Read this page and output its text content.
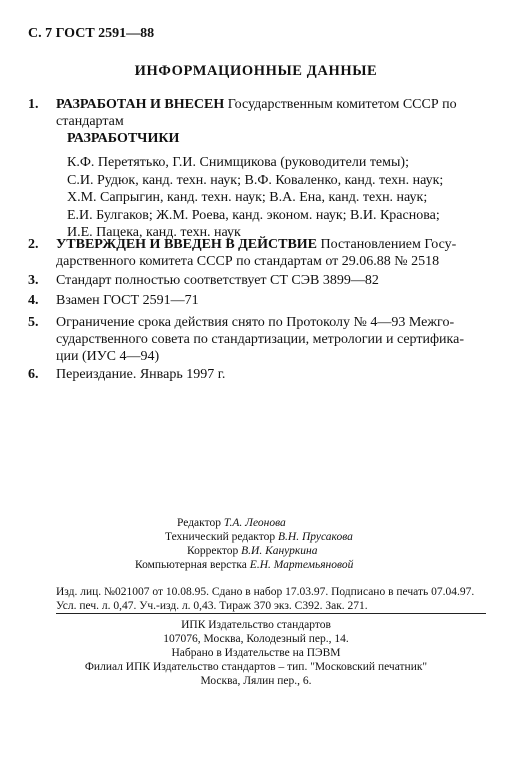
С. 7 ГОСТ 2591—88
ИНФОРМАЦИОННЫЕ ДАННЫЕ
1. РАЗРАБОТАН И ВНЕСЕН Государственным комитетом СССР по
стандартам
РАЗРАБОТЧИКИ
К.Ф. Перетятько, Г.И. Снимщикова (руководители темы);
С.И. Рудюк, канд. техн. наук; В.Ф. Коваленко, канд. техн. наук;
Х.М. Сапрыгин, канд. техн. наук; В.А. Ена, канд. техн. наук;
Е.И. Булгаков; Ж.М. Роева, канд. эконом. наук; В.И. Краснова;
И.Е. Пацека, канд. техн. наук
2. УТВЕРЖДЕН И ВВЕДЕН В ДЕЙСТВИЕ Постановлением Госу-
дарственного комитета СССР по стандартам от 29.06.88 № 2518
3. Стандарт полностью соответствует СТ СЭВ 3899—82
4. Взамен ГОСТ 2591—71
5. Ограничение срока действия снято по Протоколу № 4—93 Межго-
сударственного совета по стандартизации, метрологии и сертифика-
ции (ИУС 4—94)
6. Переиздание. Январь 1997 г.
Редактор Т.А. Леонова
Технический редактор В.Н. Прусакова
Корректор В.И. Кануркина
Компьютерная верстка Е.Н. Мартемьяновой
Изд. лиц. №021007 от 10.08.95. Сдано в набор 17.03.97. Подписано в печать 07.04.97.
Усл. печ. л. 0,47. Уч.-изд. л. 0,43. Тираж 370 экз. С392. Зак. 271.
ИПК Издательство стандартов
107076, Москва, Колодезный пер., 14.
Набрано в Издательстве на ПЭВМ
Филиал ИПК Издательство стандартов – тип. "Московский печатник"
Москва, Лялин пер., 6.
